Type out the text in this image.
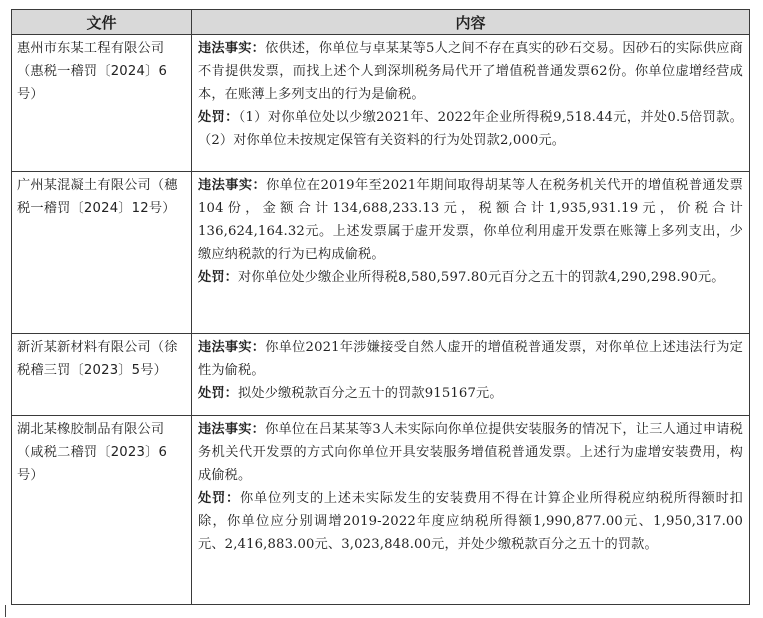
文件	内容
惠州市东某工程有限公司（惠税一稽罚〔2024〕6号）	违法事实：依供述，你单位与卓某某等5人之间不存在真实的砂石交易。因砂石的实际供应商不肯提供发票，而找上述个人到深圳税务局代开了增值税普通发票62份。你单位虚增经营成本，在账薄上多列支出的行为是偷税。

处罚：（1）对你单位处以少缴2021年、2022年企业所得税9,518.44元，并处0.5倍罚款。（2）对你单位未按规定保管有关资料的行为处罚款2,000元。

广州某混凝土有限公司（穗税一稽罚〔2024〕12号）	违法事实：你单位在2019年至2021年期间取得胡某等人在税务机关代开的增值税普通发票104份，金额合计134,688,233.13元，税额合计1,935,931.19元，价税合计136,624,164.32元。上述发票属于虚开发票，你单位利用虚开发票在账簿上多列支出，少缴应纳税款的行为已构成偷税。

处罚：对你单位处少缴企业所得税8,580,597.80元百分之五十的罚款4,290,298.90元。

新沂某新材料有限公司（徐税稽三罚〔2023〕5号）	违法事实：你单位2021年涉嫌接受自然人虚开的增值税普通发票，对你单位上述违法行为定性为偷税。

处罚：拟处少缴税款百分之五十的罚款915167元。

湖北某橡胶制品有限公司（咸税二稽罚〔2023〕6号）	违法事实：你单位在吕某某等3人未实际向你单位提供安装服务的情况下，让三人通过申请税务机关代开发票的方式向你单位开具安装服务增值税普通发票。上述行为虚增安装费用，构成偷税。

处罚：你单位列支的上述未实际发生的安装费用不得在计算企业所得税应纳税所得额时扣除，你单位应分别调增2019-2022年度应纳税所得额1,990,877.00元、1,950,317.00元、2,416,883.00元、3,023,848.00元，并处少缴税款百分之五十的罚款。
